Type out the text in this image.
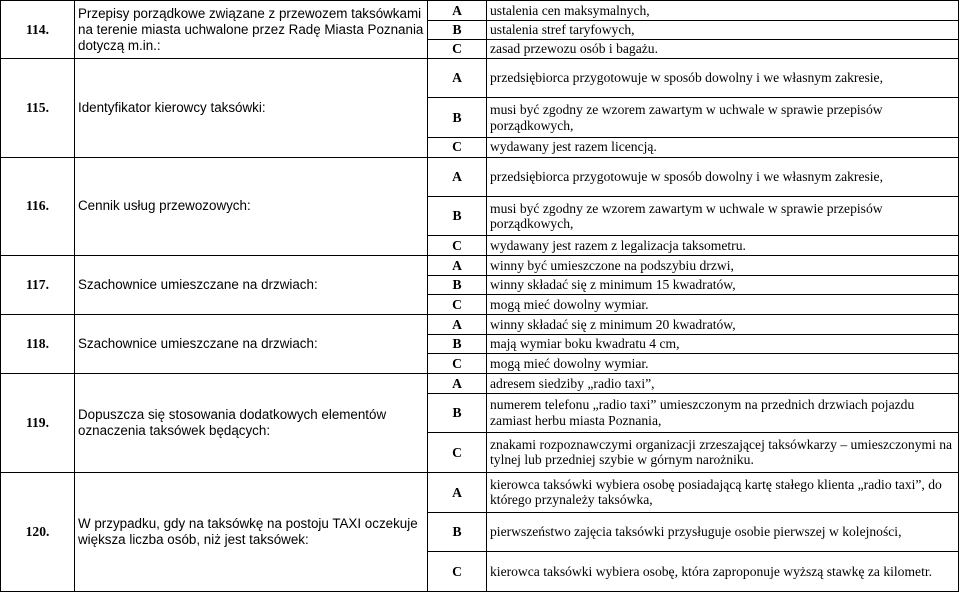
114.	Przepisy porządkowe związane z przewozem taksówkami na terenie miasta uchwalone przez Radę Miasta Poznania dotyczą m.in.:	A	ustalenia cen maksymalnych,
		B	ustalenia stref taryfowych,
		C	zasad przewozu osób i bagażu.
115.	Identyfikator kierowcy taksówki:	A	przedsiębiorca przygotowuje w sposób dowolny i we własnym zakresie,
		B	musi być zgodny ze wzorem zawartym w uchwale w sprawie przepisów porządkowych,
		C	wydawany jest razem licencją.
116.	Cennik usług przewozowych:	A	przedsiębiorca przygotowuje w sposób dowolny i we własnym zakresie,
		B	musi być zgodny ze wzorem zawartym w uchwale w sprawie przepisów porządkowych,
		C	wydawany jest razem z legalizacja taksometru.
117.	Szachownice umieszczane na drzwiach:	A	winny być umieszczone na podszybiu drzwi,
		B	winny składać się z minimum 15 kwadratów,
		C	mogą mieć dowolny wymiar.
118.	Szachownice umieszczane na drzwiach:	A	winny składać się z minimum 20 kwadratów,
		B	mają wymiar boku kwadratu 4 cm,
		C	mogą mieć dowolny wymiar.
119.	Dopuszcza się stosowania dodatkowych elementów oznaczenia taksówek będących:	A	adresem siedziby „radio taxi”,
		B	numerem telefonu „radio taxi” umieszczonym na przednich drzwiach pojazdu zamiast herbu miasta Poznania,
		C	znakami rozpoznawczymi organizacji zrzeszającej taksówkarzy – umieszczonymi na tylnej lub przedniej szybie w górnym narożniku.
120.	W przypadku, gdy na taksówkę na postoju TAXI oczekuje większa liczba osób, niż jest taksówek:	A	kierowca taksówki wybiera osobę posiadającą kartę stałego klienta „radio taxi”, do którego przynależy taksówka,
		B	pierwszeństwo zajęcia taksówki przysługuje osobie pierwszej w kolejności,
		C	kierowca taksówki wybiera osobę, która zaproponuje wyższą stawkę za kilometr.
